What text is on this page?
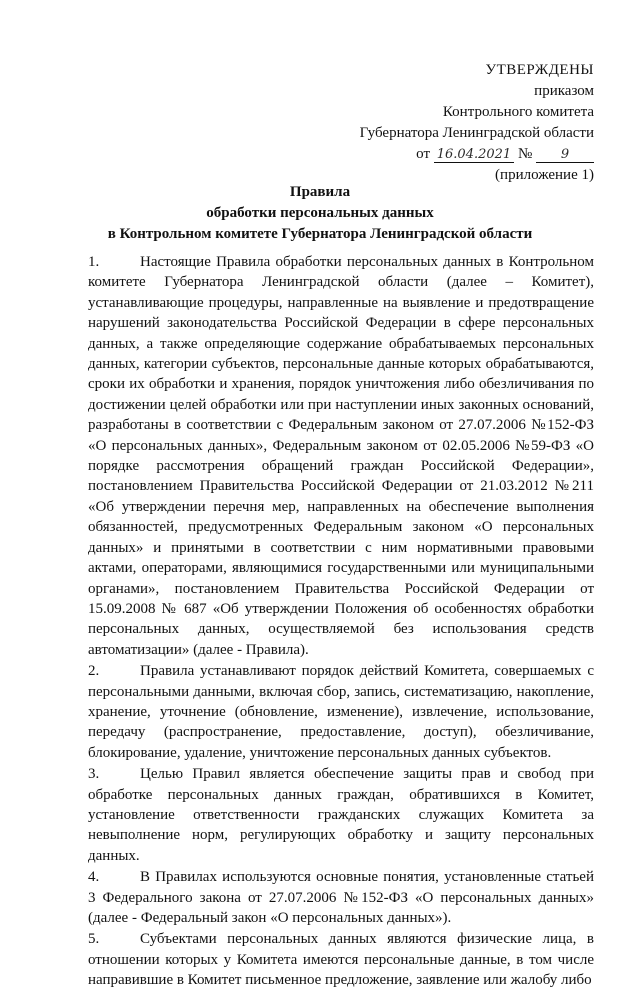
УТВЕРЖДЕНЫ
приказом
Контрольного комитета
Губернатора Ленинградской области
от 16.04.2021 № 9
(приложение 1)
Правила
обработки персональных данных
в Контрольном комитете Губернатора Ленинградской области

1.	Настоящие Правила обработки персональных данных в Контрольном комитете Губернатора Ленинградской области (далее – Комитет), устанавливающие процедуры, направленные на выявление и предотвращение нарушений законодательства Российской Федерации в сфере персональных данных, а также определяющие содержание обрабатываемых персональных данных, категории субъектов, персональные данные которых обрабатываются, сроки их обработки и хранения, порядок уничтожения либо обезличивания по достижении целей обработки или при наступлении иных законных оснований, разработаны в соответствии с Федеральным законом от 27.07.2006 №152-ФЗ «О персональных данных», Федеральным законом от 02.05.2006 №59-ФЗ «О порядке рассмотрения обращений граждан Российской Федерации», постановлением Правительства Российской Федерации от 21.03.2012 №211 «Об утверждении перечня мер, направленных на обеспечение выполнения обязанностей, предусмотренных Федеральным законом «О персональных данных» и принятыми в соответствии с ним нормативными правовыми актами, операторами, являющимися государственными или муниципальными органами», постановлением Правительства Российской Федерации от 15.09.2008 № 687 «Об утверждении Положения об особенностях обработки персональных данных, осуществляемой без использования средств автоматизации» (далее - Правила).

2.	Правила устанавливают порядок действий Комитета, совершаемых с персональными данными, включая сбор, запись, систематизацию, накопление, хранение, уточнение (обновление, изменение), извлечение, использование, передачу (распространение, предоставление, доступ), обезличивание, блокирование, удаление, уничтожение персональных данных субъектов.

3.	Целью Правил является обеспечение защиты прав и свобод при обработке персональных данных граждан, обратившихся в Комитет, установление ответственности гражданских служащих Комитета за невыполнение норм, регулирующих обработку и защиту персональных данных.

4.	В Правилах используются основные понятия, установленные статьей 3 Федерального закона от 27.07.2006 №152-ФЗ «О персональных данных» (далее - Федеральный закон «О персональных данных»).

5.	Субъектами персональных данных являются физические лица, в отношении которых у Комитета имеются персональные данные, в том числе направившие в Комитет письменное предложение, заявление или жалобу либо
